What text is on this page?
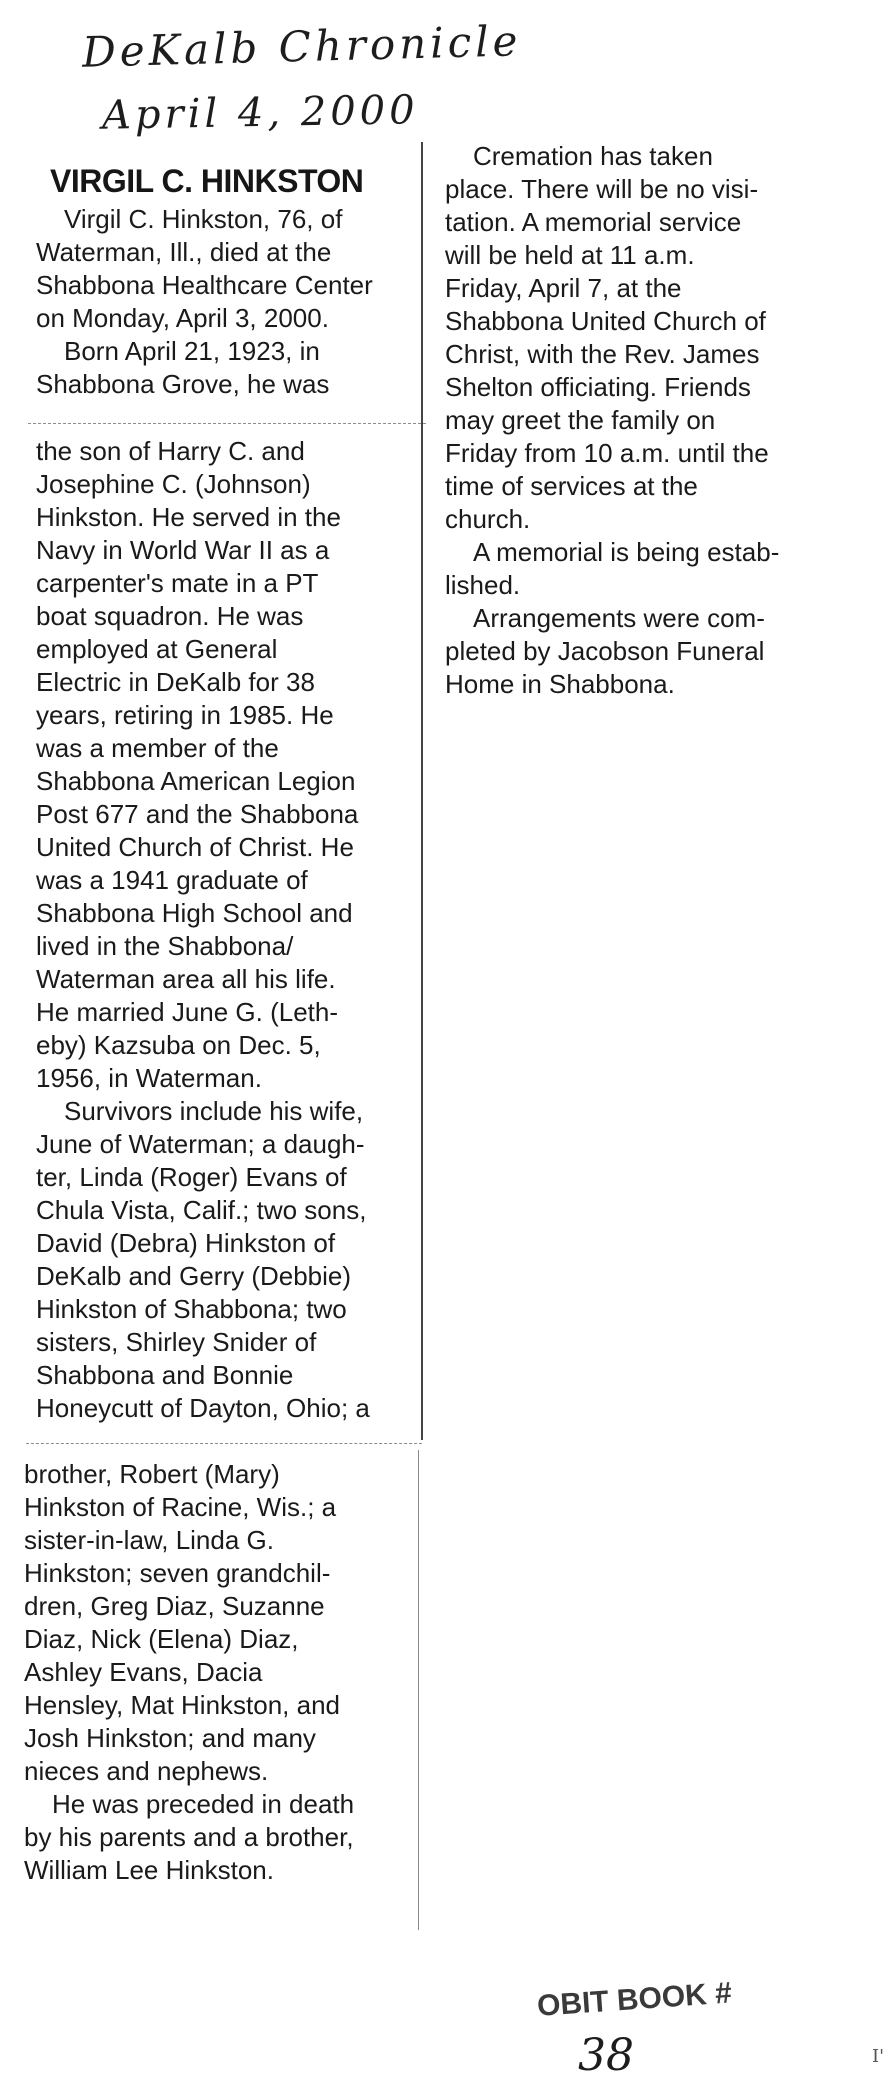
DeKalb Chronicle
April 4, 2000
VIRGIL C. HINKSTON

Virgil C. Hinkston, 76, of

Waterman, Ill., died at the

Shabbona Healthcare Center

on Monday, April 3, 2000.

Born April 21, 1923, in

Shabbona Grove, he was

the son of Harry C. and

Josephine C. (Johnson)

Hinkston. He served in the

Navy in World War II as a

carpenter's mate in a PT

boat squadron. He was

employed at General

Electric in DeKalb for 38

years, retiring in 1985. He

was a member of the

Shabbona American Legion

Post 677 and the Shabbona

United Church of Christ. He

was a 1941 graduate of

Shabbona High School and

lived in the Shabbona/

Waterman area all his life.

He married June G. (Leth-

eby) Kazsuba on Dec. 5,

1956, in Waterman.

Survivors include his wife,

June of Waterman; a daugh-

ter, Linda (Roger) Evans of

Chula Vista, Calif.; two sons,

David (Debra) Hinkston of

DeKalb and Gerry (Debbie)

Hinkston of Shabbona; two

sisters, Shirley Snider of

Shabbona and Bonnie

Honeycutt of Dayton, Ohio; a

brother, Robert (Mary)

Hinkston of Racine, Wis.; a

sister-in-law, Linda G.

Hinkston; seven grandchil-

dren, Greg Diaz, Suzanne

Diaz, Nick (Elena) Diaz,

Ashley Evans, Dacia

Hensley, Mat Hinkston, and

Josh Hinkston; and many

nieces and nephews.

He was preceded in death

by his parents and a brother,

William Lee Hinkston.

Cremation has taken

place. There will be no visi-

tation. A memorial service

will be held at 11 a.m.

Friday, April 7, at the

Shabbona United Church of

Christ, with the Rev. James

Shelton officiating. Friends

may greet the family on

Friday from 10 a.m. until the

time of services at the

church.

A memorial is being estab-

lished.

Arrangements were com-

pleted by Jacobson Funeral

Home in Shabbona.

OBIT BOOK #
38	I'
